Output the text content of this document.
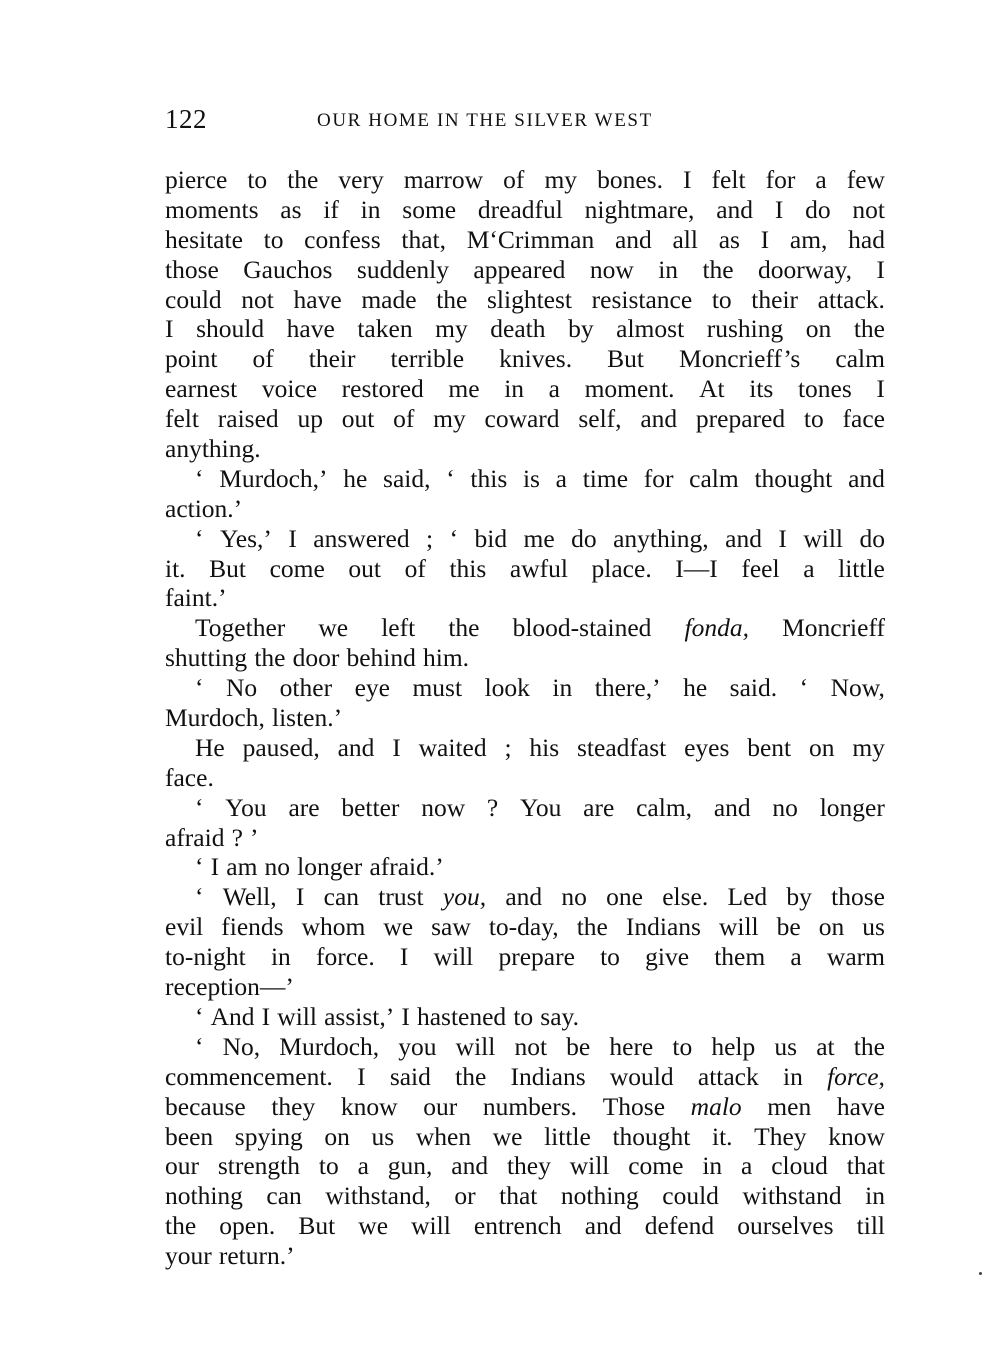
122	OUR HOME IN THE SILVER WEST
pierce to the very marrow of my bones. I felt for a few
moments as if in some dreadful nightmare, and I do not
hesitate to confess that, M‘Crimman and all as I am, had
those Gauchos suddenly appeared now in the doorway, I
could not have made the slightest resistance to their attack.
I should have taken my death by almost rushing on the
point of their terrible knives. But Moncrieff’s calm
earnest voice restored me in a moment. At its tones I
felt raised up out of my coward self, and prepared to face
anything.
‘ Murdoch,’ he said, ‘ this is a time for calm thought and
action.’
‘ Yes,’ I answered ; ‘ bid me do anything, and I will do
it. But come out of this awful place. I—I feel a little
faint.’
Together we left the blood-stained fonda, Moncrieff
shutting the door behind him.
‘ No other eye must look in there,’ he said. ‘ Now,
Murdoch, listen.’
He paused, and I waited ; his steadfast eyes bent on my
face.
‘ You are better now ? You are calm, and no longer
afraid ? ’
‘ I am no longer afraid.’
‘ Well, I can trust you, and no one else. Led by those
evil fiends whom we saw to-day, the Indians will be on us
to-night in force. I will prepare to give them a warm
reception—’
‘ And I will assist,’ I hastened to say.
‘ No, Murdoch, you will not be here to help us at the
commencement. I said the Indians would attack in force,
because they know our numbers. Those malo men have
been spying on us when we little thought it. They know
our strength to a gun, and they will come in a cloud that
nothing can withstand, or that nothing could withstand in
the open. But we will entrench and defend ourselves till
your return.’
